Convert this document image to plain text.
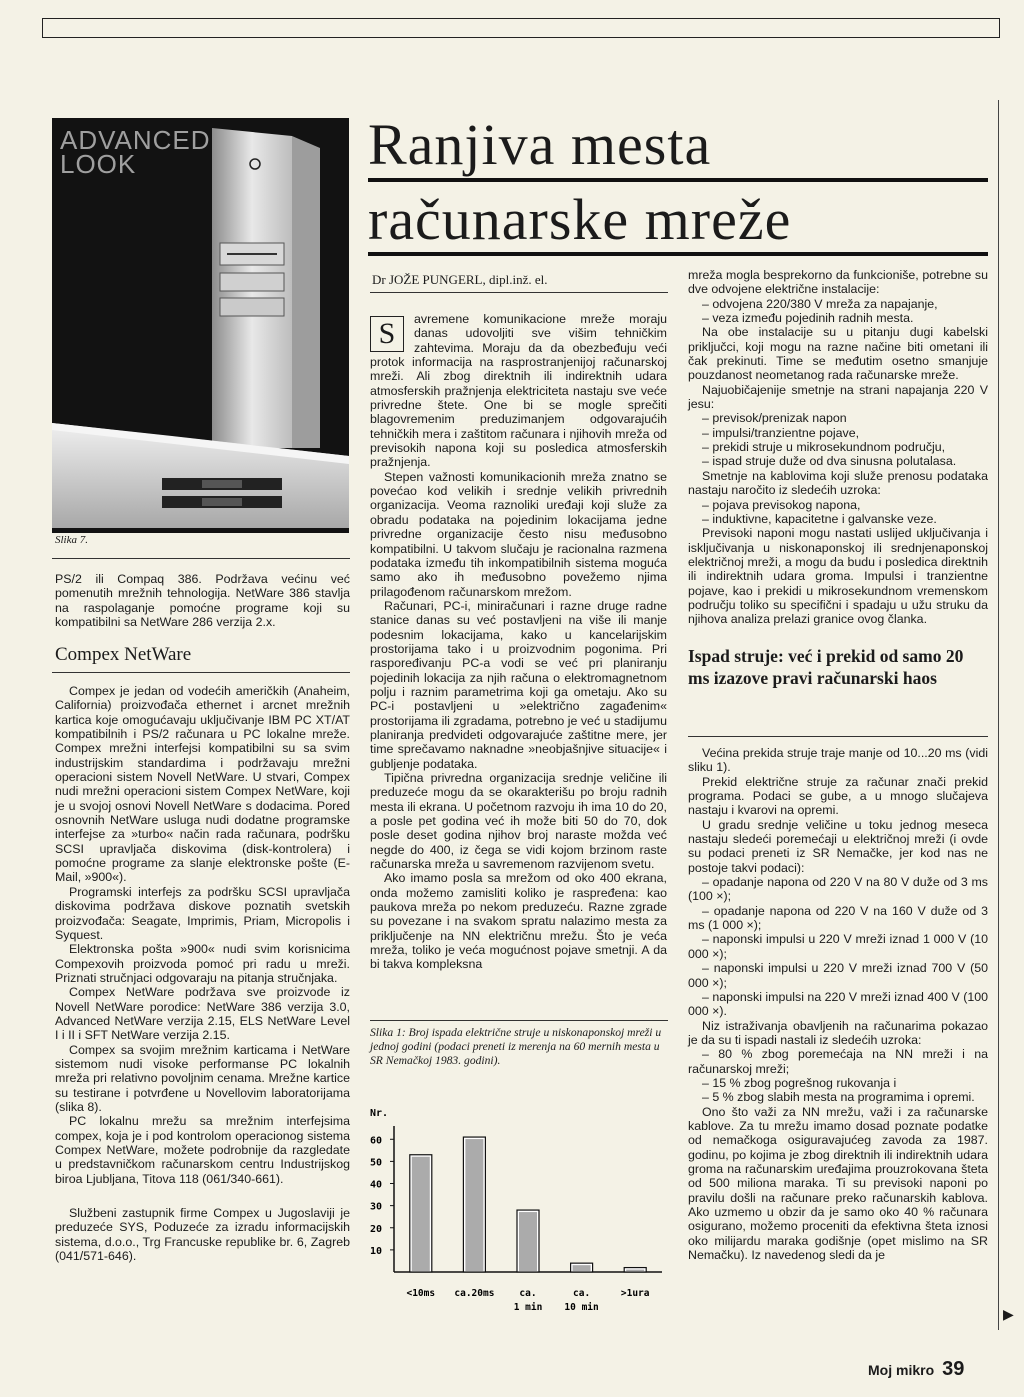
ADVANCED LOOK
Slika 7.
Ranjiva mesta
računarske mreže
Dr JOŽE PUNGERL, dipl.inž. el.

PS/2 ili Compaq 386. Podržava većinu već pomenutih mrežnih tehnologija. NetWare 386 stavlja na raspolaganje pomoćne programe koji su kompatibilni sa NetWare 286 verzija 2.x.

Compex NetWare

Compex je jedan od vodećih američkih (Anaheim, California) proizvođača ethernet i arcnet mrežnih kartica koje omogućavaju uključivanje IBM PC XT/AT kompatibilnih i PS/2 računara u PC lokalne mreže. Compex mrežni interfejsi kompatibilni su sa svim industrijskim standardima i podržavaju mrežni operacioni sistem Novell NetWare. U stvari, Compex nudi mrežni operacioni sistem Compex NetWare, koji je u svojoj osnovi Novell NetWare s dodacima. Pored osnovnih NetWare usluga nudi dodatne programske interfejse za »turbo« način rada računara, podršku SCSI upravljača diskovima (disk-kontrolera) i pomoćne programe za slanje elektronske pošte (E-Mail, »900«).

Programski interfejs za podršku SCSI upravljača diskovima podržava diskove poznatih svetskih proizvođača: Seagate, Imprimis, Priam, Micropolis i Syquest.

Elektronska pošta »900« nudi svim korisnicima Compexovih proizvoda pomoć pri radu u mreži. Priznati stručnjaci odgovaraju na pitanja stručnjaka.

Compex NetWare podržava sve proizvode iz Novell NetWare porodice: NetWare 386 verzija 3.0, Advanced NetWare verzija 2.15, ELS NetWare Level I i II i SFT NetWare verzija 2.15.

Compex sa svojim mrežnim karticama i NetWare sistemom nudi visoke performanse PC lokalnih mreža pri relativno povoljnim cenama. Mrežne kartice su testirane i potvrđene u Novellovim laboratorijama (slika 8).

PC lokalnu mrežu sa mrežnim interfejsima compex, koja je i pod kontrolom operacionog sistema Compex NetWare, možete podrobnije da razgledate u predstavničkom računarskom centru Industrijskog biroa Ljubljana, Titova 118 (061/340-661).

Službeni zastupnik firme Compex u Jugoslaviji je preduzeće SYS, Poduzeće za izradu informacijskih sistema, d.o.o., Trg Francuske republike br. 6, Zagreb (041/571-646).

S	avremene komunikacione mreže moraju danas udovoljiti sve višim tehničkim zahtevima. Moraju da da obezbeđuju veći protok informacija na rasprostranjenijoj računarskoj mreži. Ali zbog direktnih ili indirektnih udara atmosferskih pražnjenja elektriciteta nastaju sve veće privredne štete. One bi se mogle sprečiti blagovremenim preduzimanjem odgovarajućih tehničkih mera i zaštitom računara i njihovih mreža od previsokih napona koji su posledica atmosferskih pražnjenja.

Stepen važnosti komunikacionih mreža znatno se povećao kod velikih i srednje velikih privrednih organizacija. Veoma raznoliki uređaji koji služe za obradu podataka na pojedinim lokacijama jedne privredne organizacije često nisu međusobno kompatibilni. U takvom slučaju je racionalna razmena podataka između tih inkompatibilnih sistema moguća samo ako ih međusobno povežemo njima prilagođenom računarskom mrežom.

Računari, PC-i, miniračunari i razne druge radne stanice danas su već postavljeni na više ili manje podesnim lokacijama, kako u kancelarijskim prostorijama tako i u proizvodnim pogonima. Pri raspoređivanju PC-a vodi se već pri planiranju pojedinih lokacija za njih računa o elektromagnetnom polju i raznim parametrima koji ga ometaju. Ako su PC-i postavljeni u »električno zagađenim« prostorijama ili zgradama, potrebno je već u stadijumu planiranja predvideti odgovarajuće zaštitne mere, jer time sprečavamo naknadne »neobjašnjive situacije« i gubljenje podataka.

Tipična privredna organizacija srednje veličine ili preduzeće mogu da se okarakterišu po broju radnih mesta ili ekrana. U početnom razvoju ih ima 10 do 20, a posle pet godina već ih može biti 50 do 70, dok posle deset godina njihov broj naraste možda već negde do 400, iz čega se vidi kojom brzinom raste računarska mreža u savremenom razvijenom svetu.

Ako imamo posla sa mrežom od oko 400 ekrana, onda možemo zamisliti koliko je raspređena: kao paukova mreža po nekom preduzeću. Razne zgrade su povezane i na svakom spratu nalazimo mesta za priključenje na NN električnu mrežu. Što je veća mreža, toliko je veća mogućnost pojave smetnji. A da bi takva kompleksna

Slika 1: Broj ispada električne struje u niskonaponskoj mreži u jednoj godini (podaci preneti iz merenja na 60 mernih mesta u SR Nemačkoj 1983. godini).
Nr.
60
50
40
30
20
10
<10ms ca.20ms	ca. 1 min
ca. 10 min
>1ura

mreža mogla besprekorno da funkcioniše, potrebne su dve odvojene električne instalacije:

– odvojena 220/380 V mreža za napajanje,

– veza između pojedinih radnih mesta.

Na obe instalacije su u pitanju dugi kabelski priključci, koji mogu na razne načine biti ometani ili čak prekinuti. Time se međutim osetno smanjuje pouzdanost neometanog rada računarske mreže.

Najuobičajenije smetnje na strani napajanja 220 V jesu:

– previsok/prenizak napon

– impulsi/tranzientne pojave,

– prekidi struje u mikrosekundnom području,

– ispad struje duže od dva sinusna polutalasa.

Smetnje na kablovima koji služe prenosu podataka nastaju naročito iz sledećih uzroka:

– pojava previsokog napona,

– induktivne, kapacitetne i galvanske veze.

Previsoki naponi mogu nastati uslijed uključivanja i isključivanja u niskonaponskoj ili srednjenaponskoj električnoj mreži, a mogu da budu i posledica direktnih ili indirektnih udara groma. Impulsi i tranzientne pojave, kao i prekidi u mikrosekundnom vremenskom području toliko su specifični i spadaju u užu struku da njihova analiza prelazi granice ovog članka.

Ispad struje: već i prekid od samo 20 ms izazove pravi računarski haos

Većina prekida struje traje manje od 10...20 ms (vidi sliku 1).

Prekid električne struje za računar znači prekid programa. Podaci se gube, a u mnogo slučajeva nastaju i kvarovi na opremi.

U gradu srednje veličine u toku jednog meseca nastaju sledeći poremećaji u električnoj mreži (i ovde su podaci preneti iz SR Nemačke, jer kod nas ne postoje takvi podaci):

– opadanje napona od 220 V na 80 V duže od 3 ms (100 ×);

– opadanje napona od 220 V na 160 V duže od 3 ms (1 000 ×);

– naponski impulsi u 220 V mreži iznad 1 000 V (10 000 ×);

– naponski impulsi u 220 V mreži iznad 700 V (50 000 ×);

– naponski impulsi na 220 V mreži iznad 400 V (100 000 ×).

Niz istraživanja obavljenih na računarima pokazao je da su ti ispadi nastali iz sledećih uzroka:

– 80 % zbog poremećaja na NN mreži i na računarskoj mreži;

– 15 % zbog pogrešnog rukovanja i

– 5 % zbog slabih mesta na programima i opremi.

Ono što važi za NN mrežu, važi i za računarske kablove. Za tu mrežu imamo dosad poznate podatke od nemačkoga osiguravajućeg zavoda za 1987. godinu, po kojima je zbog direktnih ili indirektnih udara groma na računarskim uređajima prouzrokovana šteta od 500 miliona maraka. Ti su previsoki naponi po pravilu došli na računare preko računarskih kablova. Ako uzmemo u obzir da je samo oko 40 % računara osigurano, možemo proceniti da efektivna šteta iznosi oko milijardu maraka godišnje (opet mislimo na SR Nemačku). Iz navedenog sledi da je

▶
Moj mikro 39
